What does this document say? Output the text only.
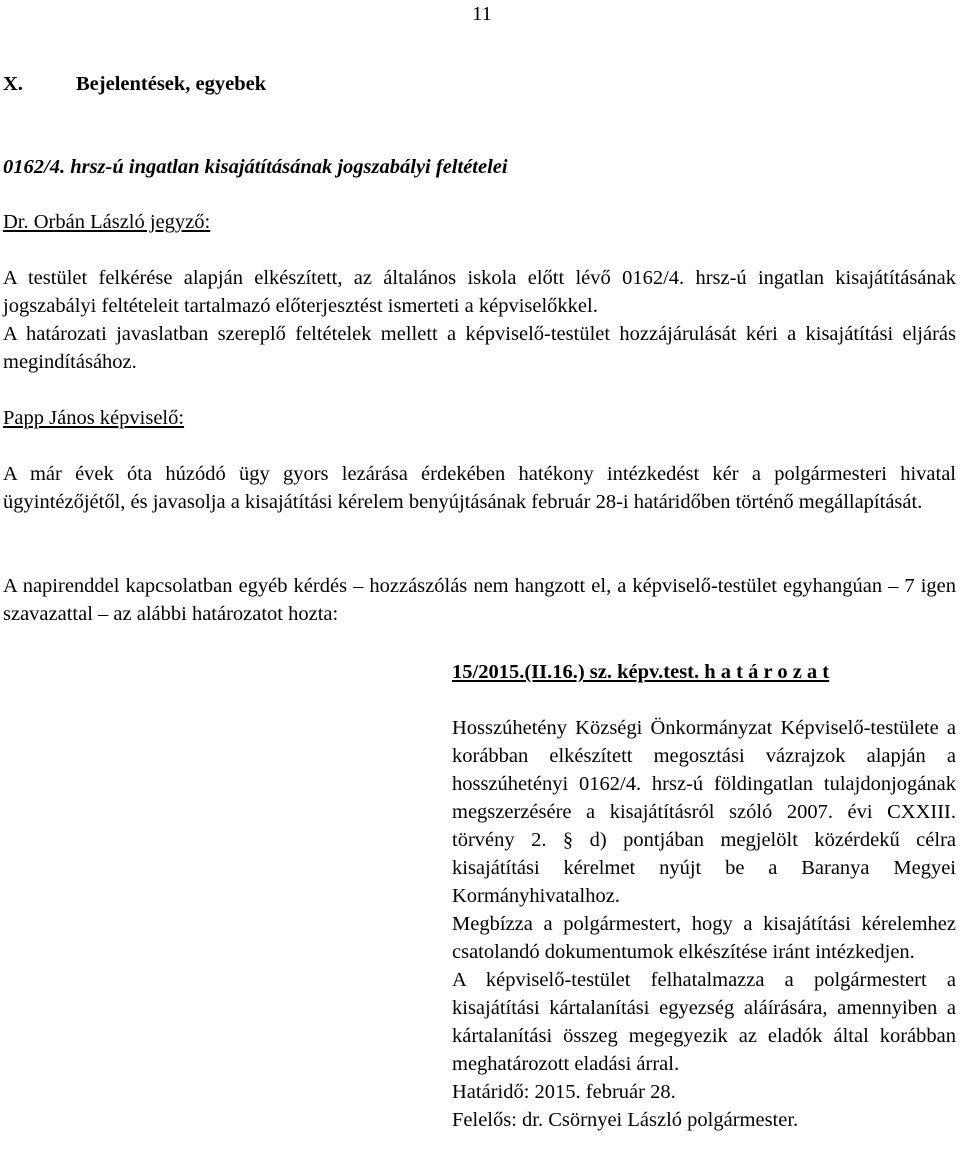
11
X.	Bejelentések, egyebek
0162/4. hrsz-ú ingatlan kisajátításának jogszabályi feltételei
Dr. Orbán László jegyző:

A testület felkérése alapján elkészített, az általános iskola előtt lévő 0162/4. hrsz-ú ingatlan kisajátításának jogszabályi feltételeit tartalmazó előterjesztést ismerteti a képviselőkkel.

A határozati javaslatban szereplő feltételek mellett a képviselő-testület hozzájárulását kéri a kisajátítási eljárás megindításához.

Papp János képviselő:

A már évek óta húzódó ügy gyors lezárása érdekében hatékony intézkedést kér a polgármesteri hivatal ügyintézőjétől, és javasolja a kisajátítási kérelem benyújtásának február 28-i határidőben történő megállapítását.

A napirenddel kapcsolatban egyéb kérdés – hozzászólás nem hangzott el, a képviselő-testület egyhangúan – 7 igen szavazattal – az alábbi határozatot hozta:

15/2015.(II.16.) sz. képv.test. h a t á r o z a t

Hosszúhetény Községi Önkormányzat Képviselő-testülete a korábban elkészített megosztási vázrajzok alapján a hosszúhetényi 0162/4. hrsz-ú földingatlan tulajdonjogának megszerzésére a kisajátításról szóló 2007. évi CXXIII. törvény 2. § d) pontjában megjelölt közérdekű célra kisajátítási kérelmet nyújt be a Baranya Megyei Kormányhivatalhoz.

Megbízza a polgármestert, hogy a kisajátítási kérelemhez csatolandó dokumentumok elkészítése iránt intézkedjen.

A képviselő-testület felhatalmazza a polgármestert a kisajátítási kártalanítási egyezség aláírására, amennyiben a kártalanítási összeg megegyezik az eladók által korábban meghatározott eladási árral.

Határidő: 2015. február 28.

Felelős: dr. Csörnyei László polgármester.
